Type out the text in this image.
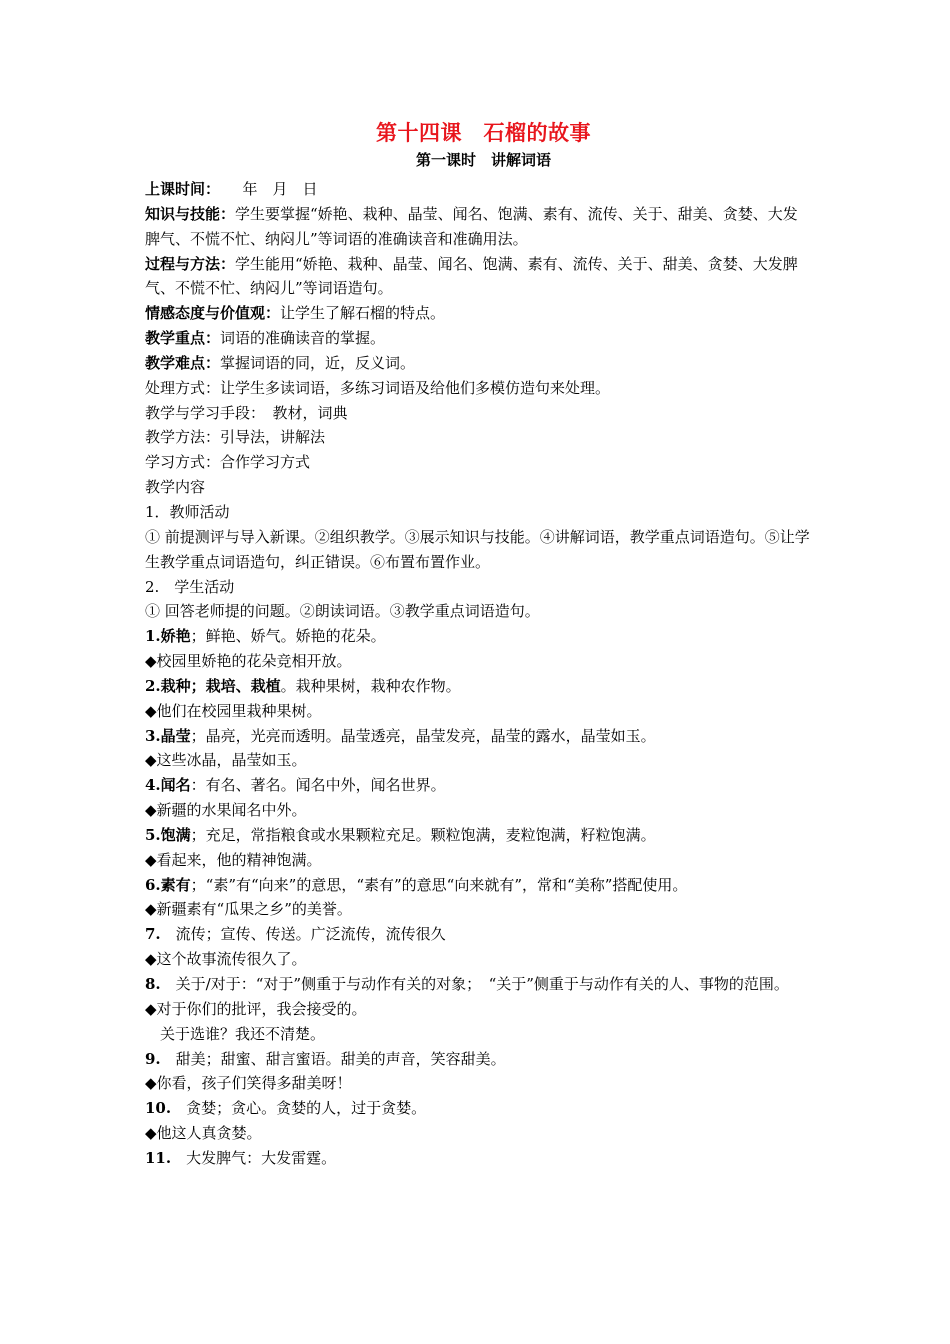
第十四课　石榴的故事
第一课时　讲解词语

上课时间：　　年　月　日

知识与技能：学生要掌握“娇艳、栽种、晶莹、闻名、饱满、素有、流传、关于、甜美、贪婪、大发脾气、不慌不忙、纳闷儿”等词语的准确读音和准确用法。

过程与方法：学生能用“娇艳、栽种、晶莹、闻名、饱满、素有、流传、关于、甜美、贪婪、大发脾气、不慌不忙、纳闷儿”等词语造句。

情感态度与价值观：让学生了解石榴的特点。

教学重点：词语的准确读音的掌握。

教学难点：掌握词语的同，近，反义词。

处理方式：让学生多读词语，多练习词语及给他们多模仿造句来处理。

教学与学习手段：　教材，词典

教学方法：引导法，讲解法

学习方式：合作学习方式

教学内容

1．教师活动

① 前提测评与导入新课。②组织教学。③展示知识与技能。④讲解词语，教学重点词语造句。⑤让学生教学重点词语造句，纠正错误。⑥布置布置作业。

2.　学生活动

① 回答老师提的问题。②朗读词语。③教学重点词语造句。

1.娇艳；鲜艳、娇气。娇艳的花朵。

◆校园里娇艳的花朵竞相开放。

2.栽种；栽培、栽植。栽种果树，栽种农作物。

◆他们在校园里栽种果树。

3.晶莹；晶亮，光亮而透明。晶莹透亮，晶莹发亮，晶莹的露水，晶莹如玉。

◆这些冰晶，晶莹如玉。

4.闻名：有名、著名。闻名中外，闻名世界。

◆新疆的水果闻名中外。

5.饱满；充足，常指粮食或水果颗粒充足。颗粒饱满，麦粒饱满，籽粒饱满。

◆看起来，他的精神饱满。

6.素有；“素”有“向来”的意思，“素有”的意思“向来就有”，常和“美称”搭配使用。

◆新疆素有“瓜果之乡”的美誉。

7.　流传；宣传、传送。广泛流传，流传很久

◆这个故事流传很久了。

8.　关于/对于：“对于”侧重于与动作有关的对象；　“关于”侧重于与动作有关的人、事物的范围。

◆对于你们的批评，我会接受的。

　关于选谁？我还不清楚。

9.　甜美；甜蜜、甜言蜜语。甜美的声音，笑容甜美。

◆你看，孩子们笑得多甜美呀！

10.　贪婪；贪心。贪婪的人，过于贪婪。

◆他这人真贪婪。

11.　大发脾气：大发雷霆。
